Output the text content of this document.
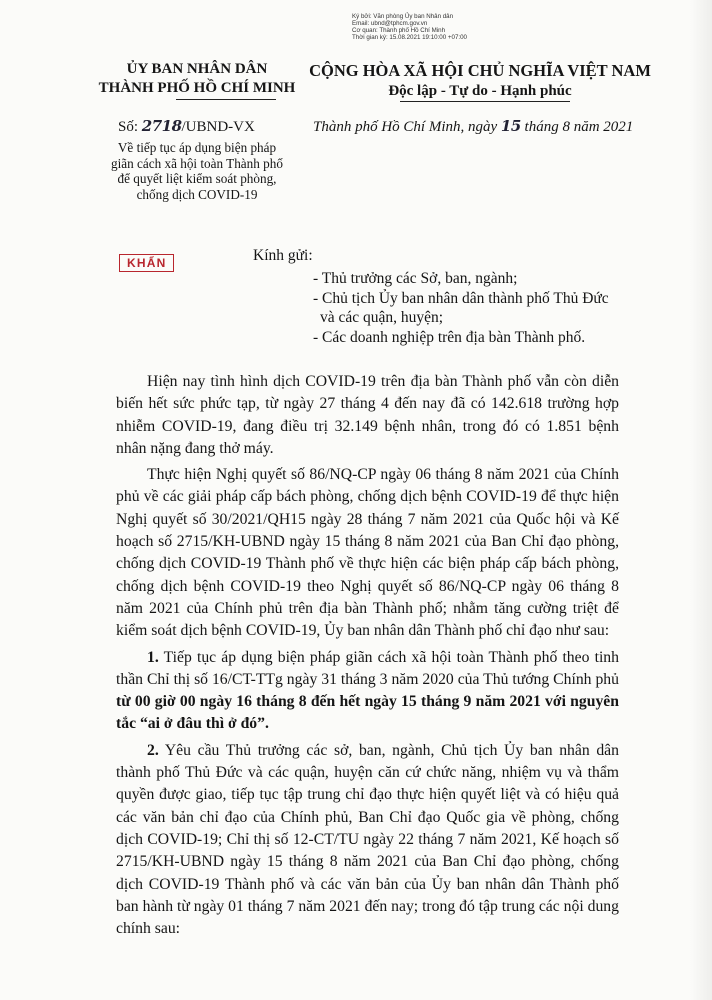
Ký bởi: Văn phòng Ủy ban Nhân dân
Email: ubnd@tphcm.gov.vn
Cơ quan: Thành phố Hồ Chí Minh
Thời gian ký: 15.08.2021 19:10:00 +07:00
ỦY BAN NHÂN DÂN
THÀNH PHỐ HỒ CHÍ MINH
CỘNG HÒA XÃ HỘI CHỦ NGHĨA VIỆT NAM
Độc lập - Tự do - Hạnh phúc
Số: 2718/UBND-VX	Thành phố Hồ Chí Minh, ngày 15 tháng 8 năm 2021
Về tiếp tục áp dụng biện pháp
giãn cách xã hội toàn Thành phố
để quyết liệt kiểm soát phòng,
chống dịch COVID-19
KHẨN	Kính gửi:
- Thủ trưởng các Sở, ban, ngành;
- Chủ tịch Ủy ban nhân dân thành phố Thủ Đức
và các quận, huyện;
- Các doanh nghiệp trên địa bàn Thành phố.

Hiện nay tình hình dịch COVID-19 trên địa bàn Thành phố vẫn còn diễn biến hết sức phức tạp, từ ngày 27 tháng 4 đến nay đã có 142.618 trường hợp nhiễm COVID-19, đang điều trị 32.149 bệnh nhân, trong đó có 1.851 bệnh nhân nặng đang thở máy.

Thực hiện Nghị quyết số 86/NQ-CP ngày 06 tháng 8 năm 2021 của Chính phủ về các giải pháp cấp bách phòng, chống dịch bệnh COVID-19 để thực hiện Nghị quyết số 30/2021/QH15 ngày 28 tháng 7 năm 2021 của Quốc hội và Kế hoạch số 2715/KH-UBND ngày 15 tháng 8 năm 2021 của Ban Chỉ đạo phòng, chống dịch COVID-19 Thành phố về thực hiện các biện pháp cấp bách phòng, chống dịch bệnh COVID-19 theo Nghị quyết số 86/NQ-CP ngày 06 tháng 8 năm 2021 của Chính phủ trên địa bàn Thành phố; nhằm tăng cường triệt để kiểm soát dịch bệnh COVID-19, Ủy ban nhân dân Thành phố chỉ đạo như sau:

1. Tiếp tục áp dụng biện pháp giãn cách xã hội toàn Thành phố theo tinh thần Chỉ thị số 16/CT-TTg ngày 31 tháng 3 năm 2020 của Thủ tướng Chính phủ từ 00 giờ 00 ngày 16 tháng 8 đến hết ngày 15 tháng 9 năm 2021 với nguyên tắc “ai ở đâu thì ở đó”.

2. Yêu cầu Thủ trưởng các sở, ban, ngành, Chủ tịch Ủy ban nhân dân thành phố Thủ Đức và các quận, huyện căn cứ chức năng, nhiệm vụ và thẩm quyền được giao, tiếp tục tập trung chỉ đạo thực hiện quyết liệt và có hiệu quả các văn bản chỉ đạo của Chính phủ, Ban Chỉ đạo Quốc gia về phòng, chống dịch COVID-19; Chỉ thị số 12-CT/TU ngày 22 tháng 7 năm 2021, Kế hoạch số 2715/KH-UBND ngày 15 tháng 8 năm 2021 của Ban Chỉ đạo phòng, chống dịch COVID-19 Thành phố và các văn bản của Ủy ban nhân dân Thành phố ban hành từ ngày 01 tháng 7 năm 2021 đến nay; trong đó tập trung các nội dung chính sau:
